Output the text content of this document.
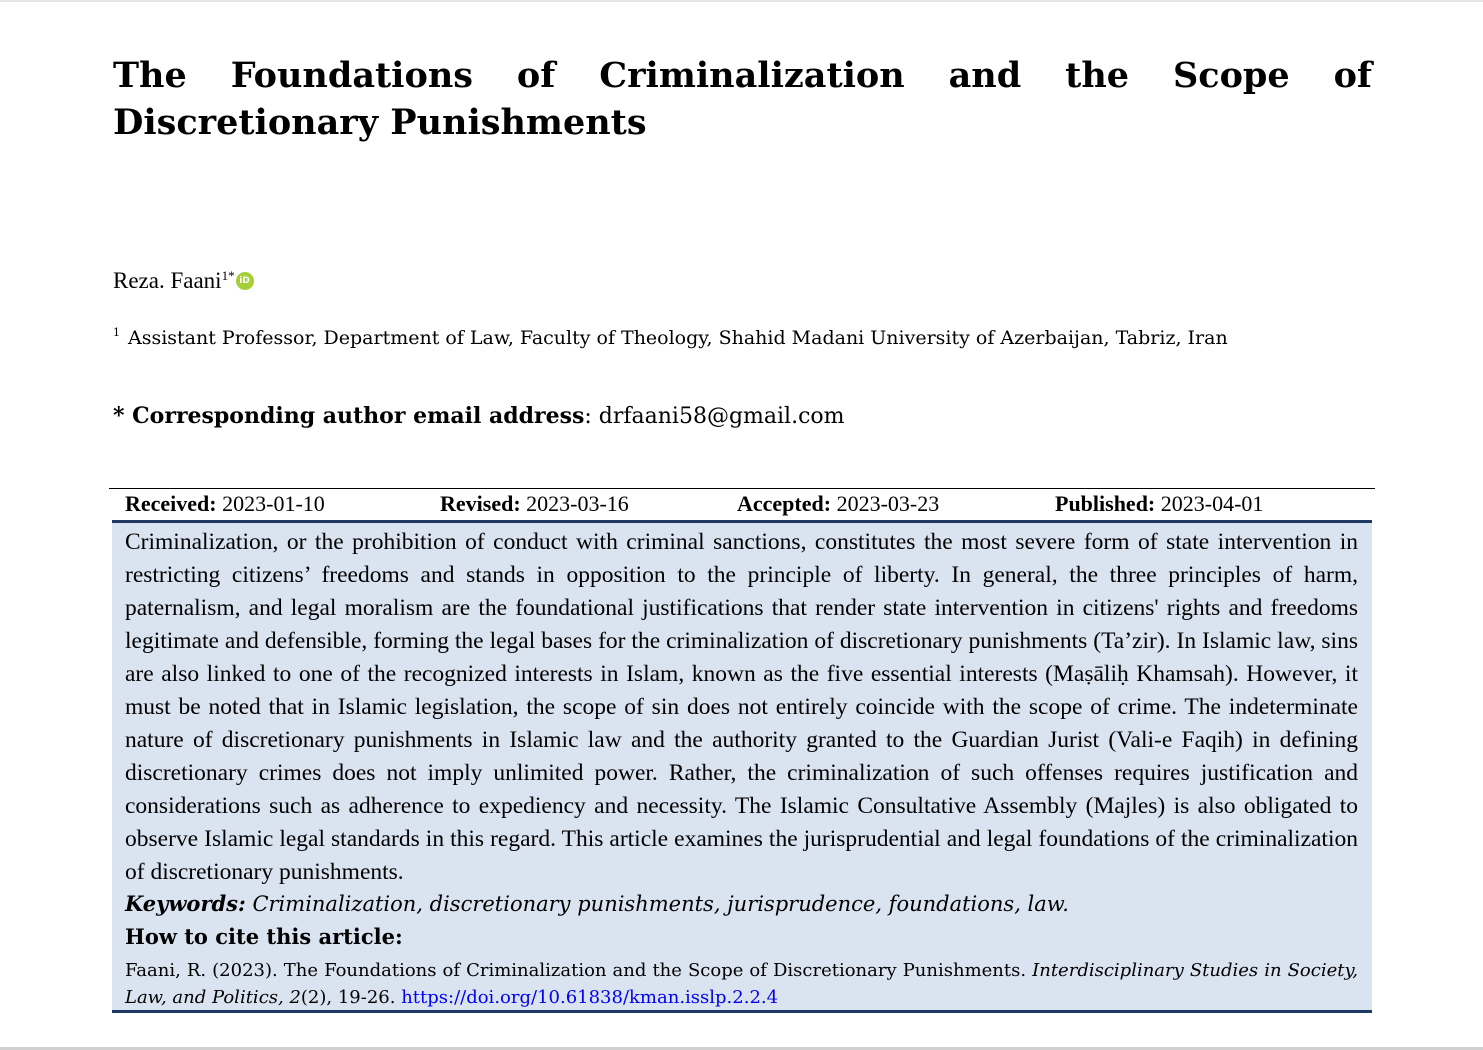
The Foundations of Criminalization and the Scope of Discretionary Punishments
Reza. Faani$^{1*}$ iD
$^1$ Assistant Professor, Department of Law, Faculty of Theology, Shahid Madani University of Azerbaijan, Tabriz, Iran
* Corresponding author email address: drfaani58@gmail.com
Received: 2023-01-10	Revised: 2023-03-16	Accepted: 2023-03-23	Published: 2023-04-01

Criminalization, or the prohibition of conduct with criminal sanctions, constitutes the most severe form of state intervention in restricting citizens’ freedoms and stands in opposition to the principle of liberty. In general, the three principles of harm, paternalism, and legal moralism are the foundational justifications that render state intervention in citizens' rights and freedoms legitimate and defensible, forming the legal bases for the criminalization of discretionary punishments (Ta’zir). In Islamic law, sins are also linked to one of the recognized interests in Islam, known as the five essential interests (Maṣāliḥ Khamsah). However, it must be noted that in Islamic legislation, the scope of sin does not entirely coincide with the scope of crime. The indeterminate nature of discretionary punishments in Islamic law and the authority granted to the Guardian Jurist (Vali-e Faqih) in defining discretionary crimes does not imply unlimited power. Rather, the criminalization of such offenses requires justification and considerations such as adherence to expediency and necessity. The Islamic Consultative Assembly (Majles) is also obligated to observe Islamic legal standards in this regard. This article examines the jurisprudential and legal foundations of the criminalization of discretionary punishments.

Keywords: Criminalization, discretionary punishments, jurisprudence, foundations, law.
How to cite this article:

Faani, R. (2023). The Foundations of Criminalization and the Scope of Discretionary Punishments. Interdisciplinary Studies in Society, Law, and Politics, 2(2), 19-26. https://doi.org/10.61838/kman.isslp.2.2.4
